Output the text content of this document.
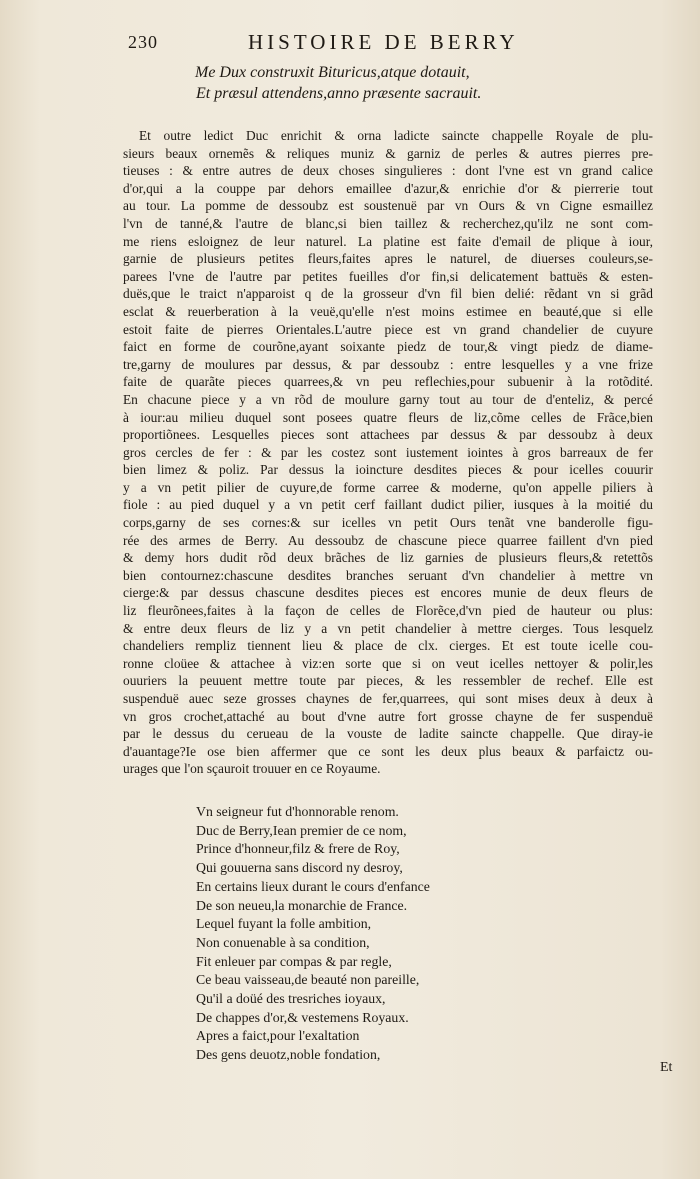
230	HISTOIRE DE BERRY
Me Dux construxit Bituricus,atque dotauit,
Et præsul attendens,anno præsente sacrauit.
Et outre ledict Duc enrichit & orna ladicte saincte chappelle Royale de plu-
sieurs beaux ornemẽs & reliques muniz & garniz de perles & autres pierres pre-
tieuses : & entre autres de deux choses singulieres : dont l'vne est vn grand calice
d'or,qui a la couppe par dehors emaillee d'azur,& enrichie d'or & pierrerie tout
au tour. La pomme de dessoubz est soustenuë par vn Ours & vn Cigne esmaillez
l'vn de tanné,& l'autre de blanc,si bien taillez & recherchez,qu'ilz ne sont com-
me riens esloignez de leur naturel. La platine est faite d'email de plique à iour,
garnie de plusieurs petites fleurs,faites apres le naturel, de diuerses couleurs,se-
parees l'vne de l'autre par petites fueilles d'or fin,si delicatement battuës & esten-
duës,que le traict n'apparoist q de la grosseur d'vn fil bien delié: rẽdant vn si grãd
esclat & reuerberation à la veuë,qu'elle n'est moins estimee en beauté,que si elle
estoit faite de pierres Orientales.L'autre piece est vn grand chandelier de cuyure
faict en forme de courõne,ayant soixante piedz de tour,& vingt piedz de diame-
tre,garny de moulures par dessus, & par dessoubz : entre lesquelles y a vne frize
faite de quarãte pieces quarrees,& vn peu reflechies,pour subuenir à la rotõdité.
En chacune piece y a vn rõd de moulure garny tout au tour de d'enteliz, & percé
à iour:au milieu duquel sont posees quatre fleurs de liz,cõme celles de Frãce,bien
proportiõnees. Lesquelles pieces sont attachees par dessus & par dessoubz à deux
gros cercles de fer : & par les costez sont iustement iointes à gros barreaux de fer
bien limez & poliz. Par dessus la ioincture desdites pieces & pour icelles couurir
y a vn petit pilier de cuyure,de forme carree & moderne, qu'on appelle piliers à
fiole : au pied duquel y a vn petit cerf faillant dudict pilier, iusques à la moitié du
corps,garny de ses cornes:& sur icelles vn petit Ours tenãt vne banderolle figu-
rée des armes de Berry. Au dessoubz de chascune piece quarree faillent d'vn pied
& demy hors dudit rõd deux brãches de liz garnies de plusieurs fleurs,& retettõs
bien contournez:chascune desdites branches seruant d'vn chandelier à mettre vn
cierge:& par dessus chascune desdites pieces est encores munie de deux fleurs de
liz fleurõnees,faites à la façon de celles de Florẽce,d'vn pied de hauteur ou plus:
& entre deux fleurs de liz y a vn petit chandelier à mettre cierges. Tous lesquelz
chandeliers rempliz tiennent lieu & place de clx. cierges. Et est toute icelle cou-
ronne cloüee & attachee à viz:en sorte que si on veut icelles nettoyer & polir,les
ouuriers la peuuent mettre toute par pieces, & les ressembler de rechef. Elle est
suspenduë auec seze grosses chaynes de fer,quarrees, qui sont mises deux à deux à
vn gros crochet,attaché au bout d'vne autre fort grosse chayne de fer suspenduë
par le dessus du cerueau de la vouste de ladite saincte chappelle. Que diray-ie
d'auantage?Ie ose bien affermer que ce sont les deux plus beaux & parfaictz ou-
urages que l'on sçauroit trouuer en ce Royaume.
Vn seigneur fut d'honnorable renom.
Duc de Berry,Iean premier de ce nom,
Prince d'honneur,filz & frere de Roy,
Qui gouuerna sans discord ny desroy,
En certains lieux durant le cours d'enfance
De son neueu,la monarchie de France.
Lequel fuyant la folle ambition,
Non conuenable à sa condition,
Fit enleuer par compas & par regle,
Ce beau vaisseau,de beauté non pareille,
Qu'il a doüé des tresriches ioyaux,
De chappes d'or,& vestemens Royaux.
Apres a faict,pour l'exaltation
Des gens deuotz,noble fondation,
Et
